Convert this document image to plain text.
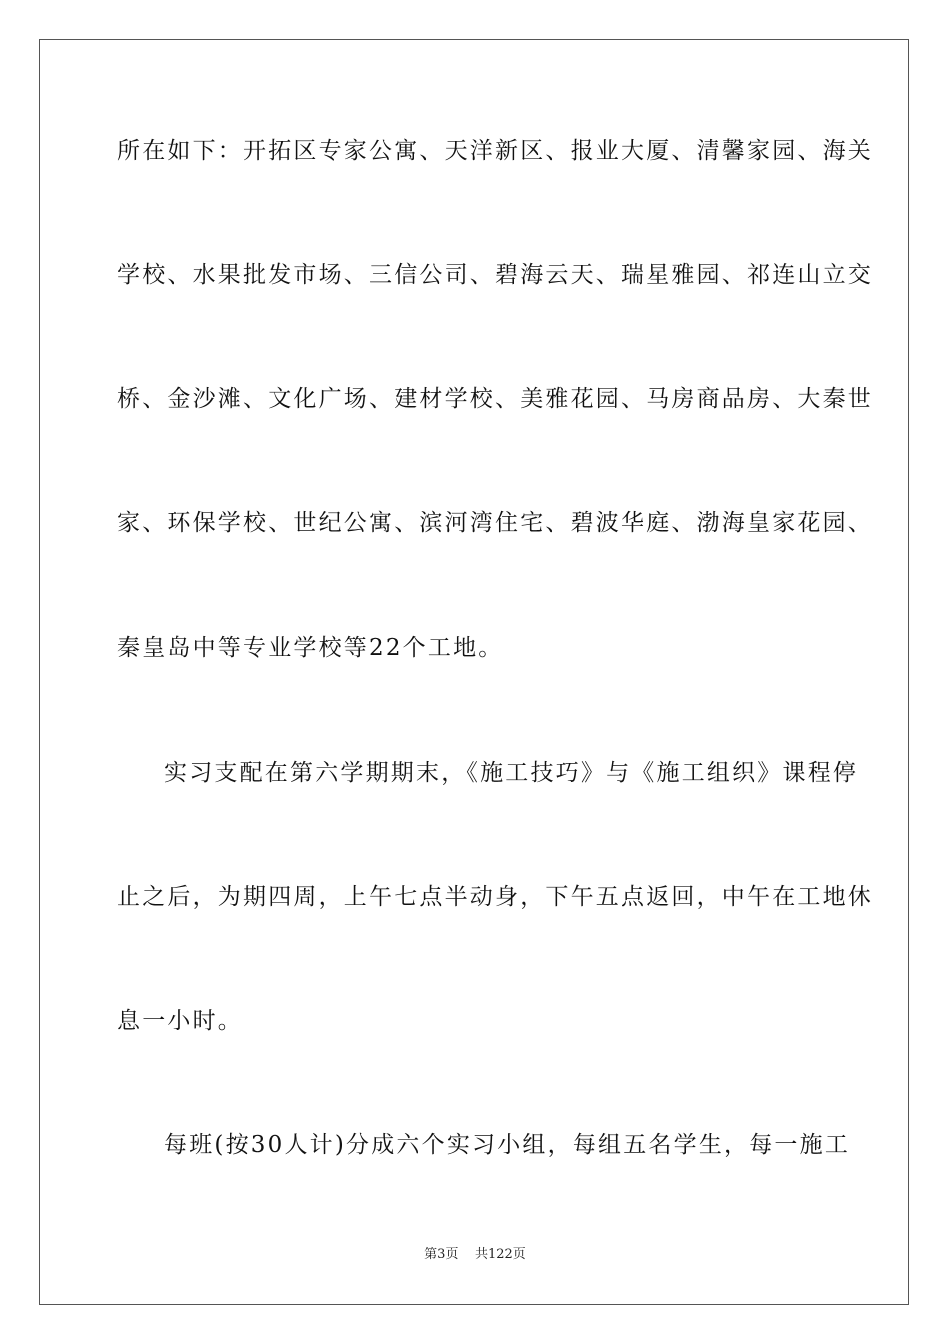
所在如下：开拓区专家公寓、天洋新区、报业大厦、清馨家园、海关
学校、水果批发市场、三信公司、碧海云天、瑞星雅园、祁连山立交
桥、金沙滩、文化广场、建材学校、美雅花园、马房商品房、大秦世
家、环保学校、世纪公寓、滨河湾住宅、碧波华庭、渤海皇家花园、
秦皇岛中等专业学校等22个工地。
实习支配在第六学期期末，《施工技巧》与《施工组织》课程停
止之后，为期四周，上午七点半动身，下午五点返回，中午在工地休
息一小时。
每班(按30人计)分成六个实习小组，每组五名学生，每一施工
第3页 共122页
